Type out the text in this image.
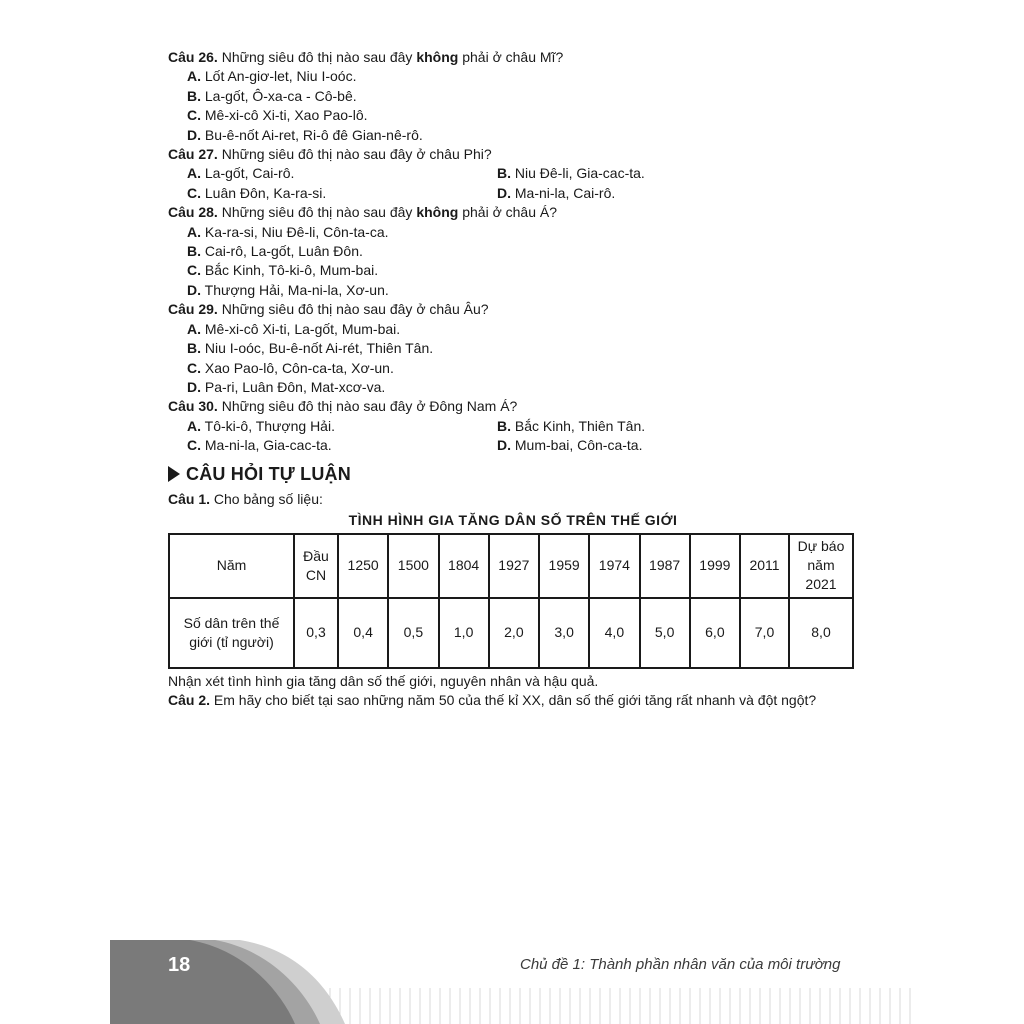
Câu 26. Những siêu đô thị nào sau đây không phải ở châu Mĩ?

A. Lốt An-giơ-let, Niu I-oóc.
B. La-gốt, Ô-xa-ca - Cô-bê.
C. Mê-xi-cô Xi-ti, Xao Pao-lô.
D. Bu-ê-nốt Ai-ret, Ri-ô đê Gian-nê-rô.

Câu 27. Những siêu đô thị nào sau đây ở châu Phi?

A. La-gốt, Cai-rô.	B. Niu Đê-li, Gia-cac-ta.
C. Luân Đôn, Ka-ra-si.	D. Ma-ni-la, Cai-rô.

Câu 28. Những siêu đô thị nào sau đây không phải ở châu Á?

A. Ka-ra-si, Niu Đê-li, Côn-ta-ca.
B. Cai-rô, La-gốt, Luân Đôn.
C. Bắc Kinh, Tô-ki-ô, Mum-bai.
D. Thượng Hải, Ma-ni-la, Xơ-un.

Câu 29. Những siêu đô thị nào sau đây ở châu Âu?

A. Mê-xi-cô Xi-ti, La-gốt, Mum-bai.
B. Niu I-oóc, Bu-ê-nốt Ai-rét, Thiên Tân.
C. Xao Pao-lô, Côn-ca-ta, Xơ-un.
D. Pa-ri, Luân Đôn, Mat-xcơ-va.

Câu 30. Những siêu đô thị nào sau đây ở Đông Nam Á?

A. Tô-ki-ô, Thượng Hải.	B. Bắc Kinh, Thiên Tân.
C. Ma-ni-la, Gia-cac-ta.	D. Mum-bai, Côn-ca-ta.
CÂU HỎI TỰ LUẬN

Câu 1. Cho bảng số liệu:

TÌNH HÌNH GIA TĂNG DÂN SỐ TRÊN THẾ GIỚI
Năm	Đầu CN	1250	1500	1804	1927	1959	1974	1987	1999	2011	Dự báo năm 2021
Số dân trên thế giới (tỉ người)	0,3	0,4	0,5	1,0	2,0	3,0	4,0	5,0	6,0	7,0	8,0

Nhận xét tình hình gia tăng dân số thế giới, nguyên nhân và hậu quả.

Câu 2. Em hãy cho biết tại sao những năm 50 của thế kỉ XX, dân số thế giới tăng rất nhanh và đột ngột?

18	Chủ đề 1: Thành phần nhân văn của môi trường
